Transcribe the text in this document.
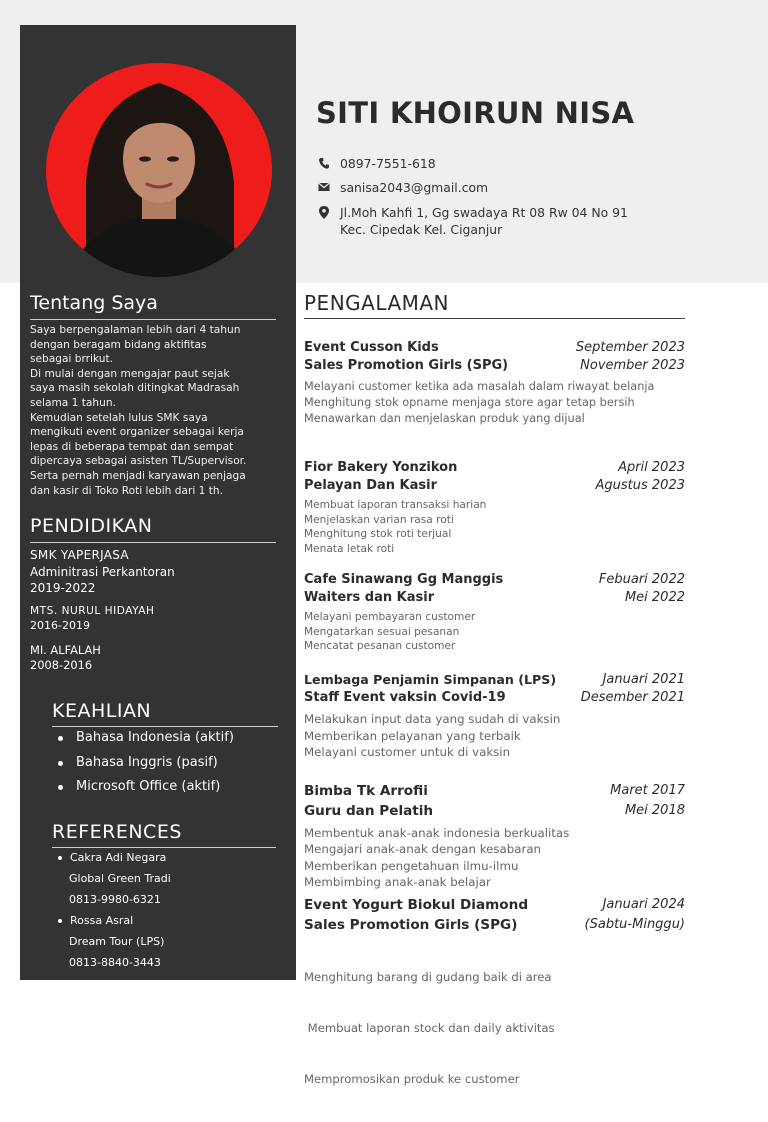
SITI KHOIRUN NISA
0897-7551-618
sanisa2043@gmail.com
Jl.Moh Kahfi 1, Gg swadaya Rt 08 Rw 04 No 91
Kec. Cipedak Kel. Ciganjur
Tentang Saya
Saya berpengalaman lebih dari 4 tahun
dengan beragam bidang aktifitas
sebagai brrikut.
Di mulai dengan mengajar paut sejak
saya masih sekolah ditingkat Madrasah
selama 1 tahun.
Kemudian setelah lulus SMK saya
mengikuti event organizer sebagai kerja
lepas di beberapa tempat dan sempat
dipercaya sebagai asisten TL/Supervisor.
Serta pernah menjadi karyawan penjaga
dan kasir di Toko Roti lebih dari 1 th.
PENDIDIKAN
SMK YAPERJASA
Adminitrasi Perkantoran
2019-2022
MTS. NURUL HIDAYAH
2016-2019
MI. ALFALAH
2008-2016
KEAHLIAN
Bahasa Indonesia (aktif)
Bahasa Inggris (pasif)
Microsoft Office (aktif)
REFERENCES
Cakra Adi Negara
Global Green Tradi
0813-9980-6321
Rossa Asral
Dream Tour (LPS)
0813-8840-3443
PENGALAMAN
Event Cusson Kids	September 2023
Sales Promotion Girls (SPG)	November 2023
Melayani customer ketika ada masalah dalam riwayat belanja
Menghitung stok opname menjaga store agar tetap bersih
Menawarkan dan menjelaskan produk yang dijual
Fior Bakery Yonzikon	April 2023
Pelayan Dan Kasir	Agustus 2023
Membuat laporan transaksi harian
Menjelaskan varian rasa roti
Menghitung stok roti terjual
Menata letak roti
Cafe Sinawang Gg Manggis	Febuari 2022
Waiters dan Kasir	Mei 2022
Melayani pembayaran customer
Mengatarkan sesuai pesanan
Mencatat pesanan customer
Lembaga Penjamin Simpanan (LPS)	Januari 2021
Staff Event vaksin Covid-19	Desember 2021
Melakukan input data yang sudah di vaksin
Memberikan pelayanan yang terbaik
Melayani customer untuk di vaksin
Bimba Tk Arrofii	Maret 2017
Guru dan Pelatih	Mei 2018
Membentuk anak-anak indonesia berkualitas
Mengajari anak-anak dengan kesabaran
Memberikan pengetahuan ilmu-ilmu
Membimbing anak-anak belajar
Event Yogurt Biokul Diamond	Januari 2024
Sales Promotion Girls (SPG)	(Sabtu-Minggu)

Menghitung barang di gudang baik di area

Membuat laporan stock dan daily aktivitas

Mempromosikan produk ke customer
